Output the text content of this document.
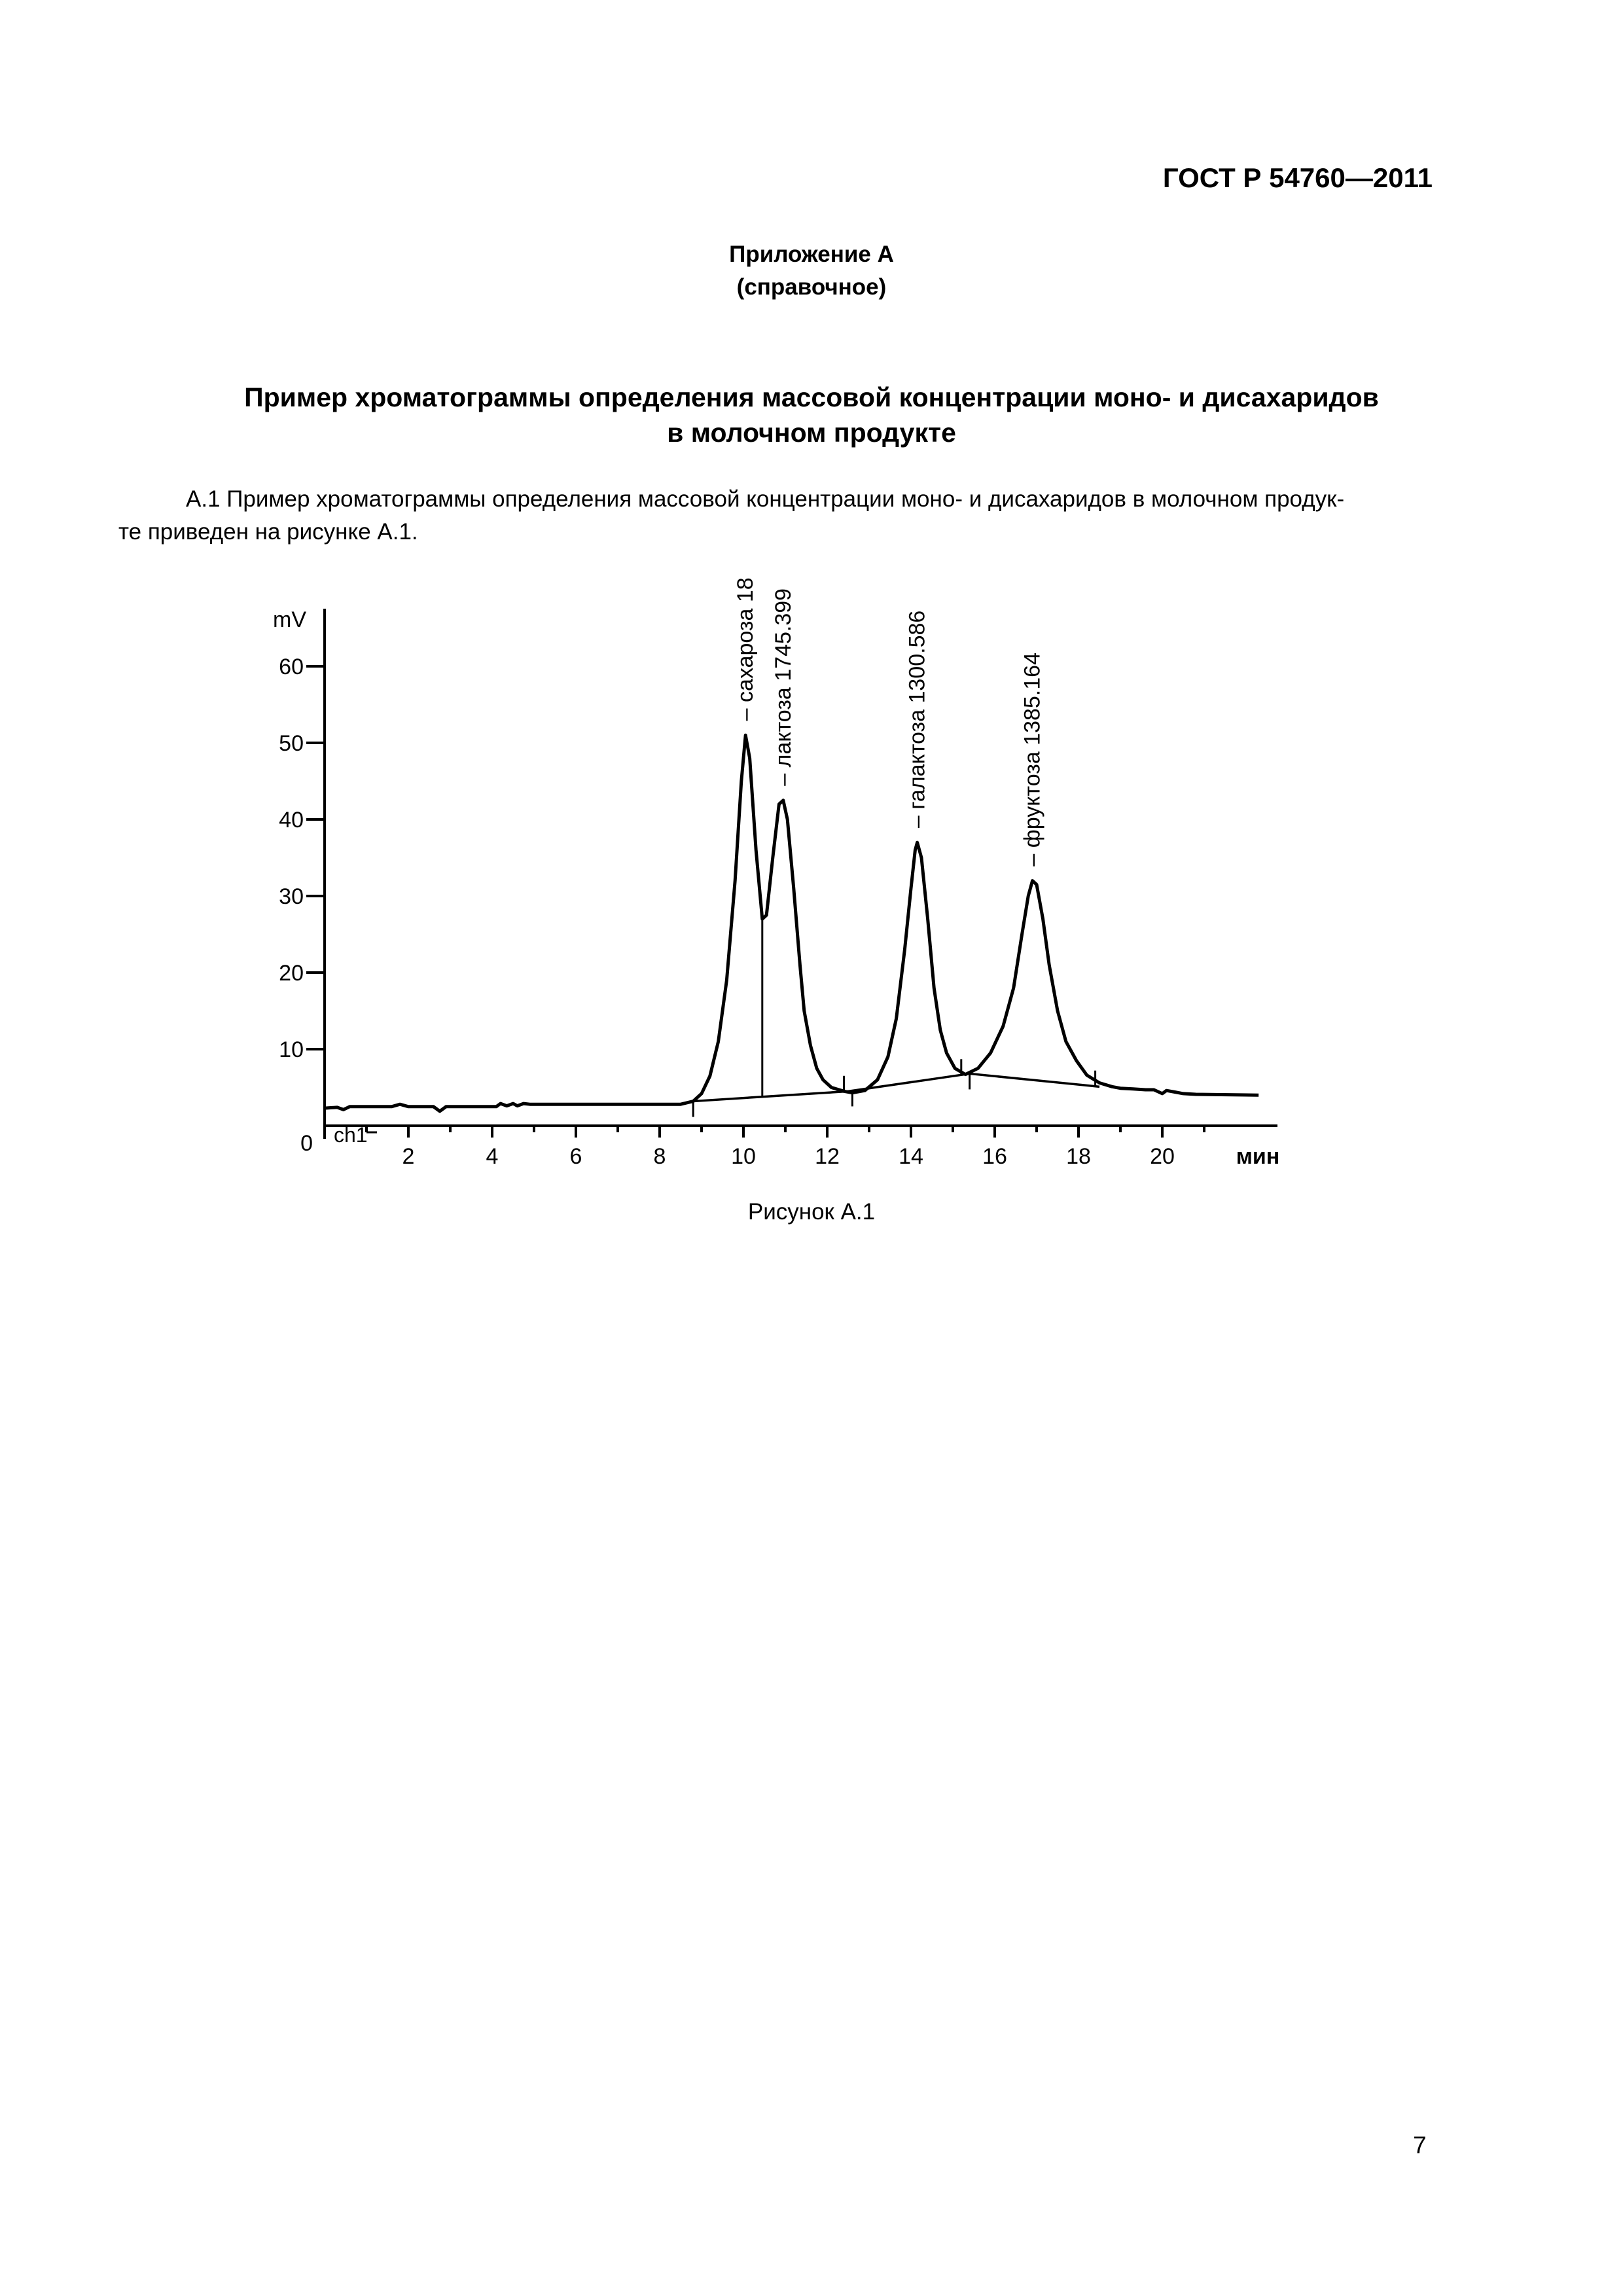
ГОСТ Р 54760—2011
Приложение А
(справочное)
Пример хроматограммы определения массовой концентрации моно- и дисахаридов
в молочном продукте
А.1 Пример хроматограммы определения массовой концентрации моно- и дисахаридов в молочном продук-
те приведен на рисунке А.1.
10
20
30
40
50
60
mV
0
2	4	6	8	10	12	14	16	18	20	мин
ch1
– сахароза 18 – лактоза 1745.399	– галактоза 1300.586	– фруктоза 1385.164
Рисунок А.1
7
